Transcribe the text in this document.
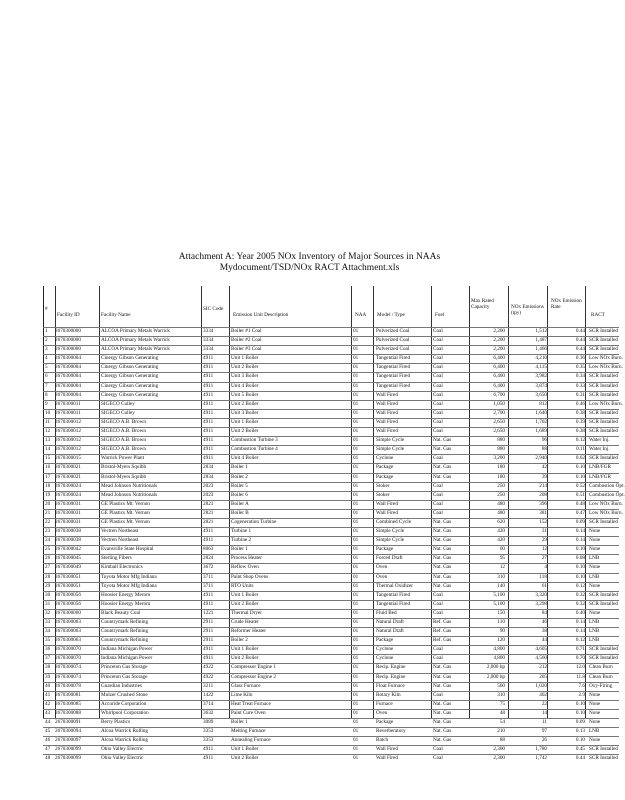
Attachment A: Year 2005 NOx Inventory of Major Sources in NAAs
Mydocument/TSD/NOx RACT Attachment.xls
#
Facility ID	Facility Name
SIC Code
Emission Unit Description	NAA Model / Type	Fuel
Max Rated Capacity	NOx Emissions (tpy)
NOx Emission Rate
RACT
1	2670300000	ALCOA Primary Metals Warrick	3334	Boiler #1 Coal	01	Pulverized Coal	Coal	2,200	1,512	0.44 SCR Installed
2	2670300000	ALCOA Primary Metals Warrick	3334	Boiler #2 Coal	01	Pulverized Coal	Coal	2,200	1,487	0.44 SCR Installed
3	2670300000	ALCOA Primary Metals Warrick	3334	Boiler #3 Coal	01	Pulverized Coal	Coal	2,200	1,466	0.44 SCR Installed
4	2670300004	Cinergy Gibson Generating	4911	Unit 1 Boiler	01	Tangential Fired	Coal	6,400	4,210	0.36 Low NOx Burn.
5	2670300004	Cinergy Gibson Generating	4911	Unit 2 Boiler	01	Tangential Fired	Coal	6,400	4,115	0.35 Low NOx Burn.
6	2670300004	Cinergy Gibson Generating	4911	Unit 3 Boiler	01	Tangential Fired	Coal	6,400	3,982	0.34 SCR Installed
7	2670300004	Cinergy Gibson Generating	4911	Unit 4 Boiler	01	Tangential Fired	Coal	6,400	3,874	0.33 SCR Installed
8	2670300004	Cinergy Gibson Generating	4911	Unit 5 Boiler	01	Wall Fired	Coal	6,700	3,650	0.31 SCR Installed
9	2670300011	SIGECO Culley	4911	Unit 2 Boiler	01	Wall Fired	Coal	1,050	812	0.46 Low NOx Burn.
10 2670300011	SIGECO Culley	4911	Unit 3 Boiler	01	Wall Fired	Coal	2,700	1,640	0.38 SCR Installed
11 2670300012	SIGECO A.B. Brown	4911	Unit 1 Boiler	01	Wall Fired	Coal	2,650	1,702	0.39 SCR Installed
12 2670300012	SIGECO A.B. Brown	4911	Unit 2 Boiler	01	Wall Fired	Coal	2,650	1,689	0.38 SCR Installed
13 2670300012	SIGECO A.B. Brown	4911	Combustion Turbine 3	01	Simple Cycle	Nat. Gas	880	96	0.12 Water Inj.
14 2670300012	SIGECO A.B. Brown	4911	Combustion Turbine 4	01	Simple Cycle	Nat. Gas	880	88	0.11 Water Inj.
15 2670300015	Warrick Power Plant	4911	Unit 4 Boiler	01	Cyclone	Coal	3,200	2,940	0.62 SCR Installed
16 2670300021	Bristol-Myers Squibb	2834	Boiler 1	01	Package	Nat. Gas	180	42	0.10 LNB/FGR
17 2670300021	Bristol-Myers Squibb	2834	Boiler 2	01	Package	Nat. Gas	180	39	0.10 LNB/FGR
18 2670300024	Mead Johnson Nutritionals	2023	Boiler 5	01	Stoker	Coal	250	214	0.52 Combustion Opt.
19 2670300024	Mead Johnson Nutritionals	2023	Boiler 6	01	Stoker	Coal	250	208	0.51 Combustion Opt.
20 2670300031	GE Plastics Mt. Vernon	2821	Boiler A	01	Wall Fired	Coal	480	396	0.48 Low NOx Burn.
21 2670300031	GE Plastics Mt. Vernon	2821	Boiler B	01	Wall Fired	Coal	480	381	0.47 Low NOx Burn.
22 2670300031	GE Plastics Mt. Vernon	2821	Cogeneration Turbine	01	Combined Cycle	Nat. Gas	620	152	0.09 SCR Installed
23 2670300038	Vectren Northeast	4911	Turbine 1	01	Simple Cycle	Nat. Gas	420	31	0.14 None
24 2670300038	Vectren Northeast	4911	Turbine 2	01	Simple Cycle	Nat. Gas	420	29	0.14 None
25 2670300042	Evansville State Hospital	8063	Boiler 1	01	Package	Nat. Gas	60	12	0.10 None
26 2670300045	Sterling Fibers	2824	Process Heater	01	Forced Draft	Nat. Gas	95	27	0.08 LNB
27 2670300049	Kimball Electronics	3672	Reflow Oven	01	Oven	Nat. Gas	12	4	0.10 None
28 2670300051	Toyota Motor Mfg Indiana	3711	Paint Shop Ovens	01	Oven	Nat. Gas	310	118	0.10 LNB
29 2670300051	Toyota Motor Mfg Indiana	3711	RTO Units	01	Thermal Oxidizer	Nat. Gas	140	61	0.12 None
30 2670300056	Hoosier Energy Merom	4911	Unit 1 Boiler	01	Tangential Fired	Coal	5,100	3,320	0.32 SCR Installed
31 2670300056	Hoosier Energy Merom	4911	Unit 2 Boiler	01	Tangential Fired	Coal	5,100	3,298	0.32 SCR Installed
32 2670300060	Black Beauty Coal	1221	Thermal Dryer	01	Fluid Bed	Coal	150	84	0.40 None
33 2670300063	Countrymark Refining	2911	Crude Heater	01	Natural Draft	Ref. Gas	110	46	0.14 LNB
34 2670300063	Countrymark Refining	2911	Reformer Heater	01	Natural Draft	Ref. Gas	90	38	0.14 LNB
35 2670300063	Countrymark Refining	2911	Boiler 2	01	Package	Ref. Gas	120	44	0.12 LNB
36 2670300070	Indiana Michigan Power	4911	Unit 1 Boiler	01	Cyclone	Coal	4,800	4,605	0.71 SCR Installed
37 2670300070	Indiana Michigan Power	4911	Unit 2 Boiler	01	Cyclone	Coal	4,800	4,560	0.70 SCR Installed
38 2670300074	Princeton Gas Storage	4922	Compressor Engine 1	01	Recip. Engine	Nat. Gas	2,000 hp	212	12.0 Clean Burn
39 2670300074	Princeton Gas Storage	4922	Compressor Engine 2	01	Recip. Engine	Nat. Gas	2,000 hp	205	11.8 Clean Burn
40 2670300078	Guardian Industries	3211	Glass Furnace	01	Float Furnace	Nat. Gas	560	1,020	7.6 Oxy-Firing
41 2670300081	Mulzer Crushed Stone	1422	Lime Kiln	01	Rotary Kiln	Coal	310	402	2.9 None
42 2670300085	Accuride Corporation	3714	Heat Treat Furnace	01	Furnace	Nat. Gas	75	22	0.10 None
43 2670300088	Whirlpool Corporation	3632	Paint Cure Oven	01	Oven	Nat. Gas	48	14	0.10 None
44 2670300091	Berry Plastics	3089	Boiler 1	01	Package	Nat. Gas	54	11	0.09 None
45 2670300094	Alcoa Warrick Rolling	3353	Melting Furnace	01	Reverberatory	Nat. Gas	210	97	0.13 LNB
46 2670300097	Alcoa Warrick Rolling	3353	Annealing Furnace	01	Batch	Nat. Gas	88	26	0.10 None
47 2670300099	Ohio Valley Electric	4911	Unit 1 Boiler	01	Wall Fired	Coal	2,300	1,780	0.45 SCR Installed
48 2670300099	Ohio Valley Electric	4911	Unit 2 Boiler	01	Wall Fired	Coal	2,300	1,742	0.44 SCR Installed
